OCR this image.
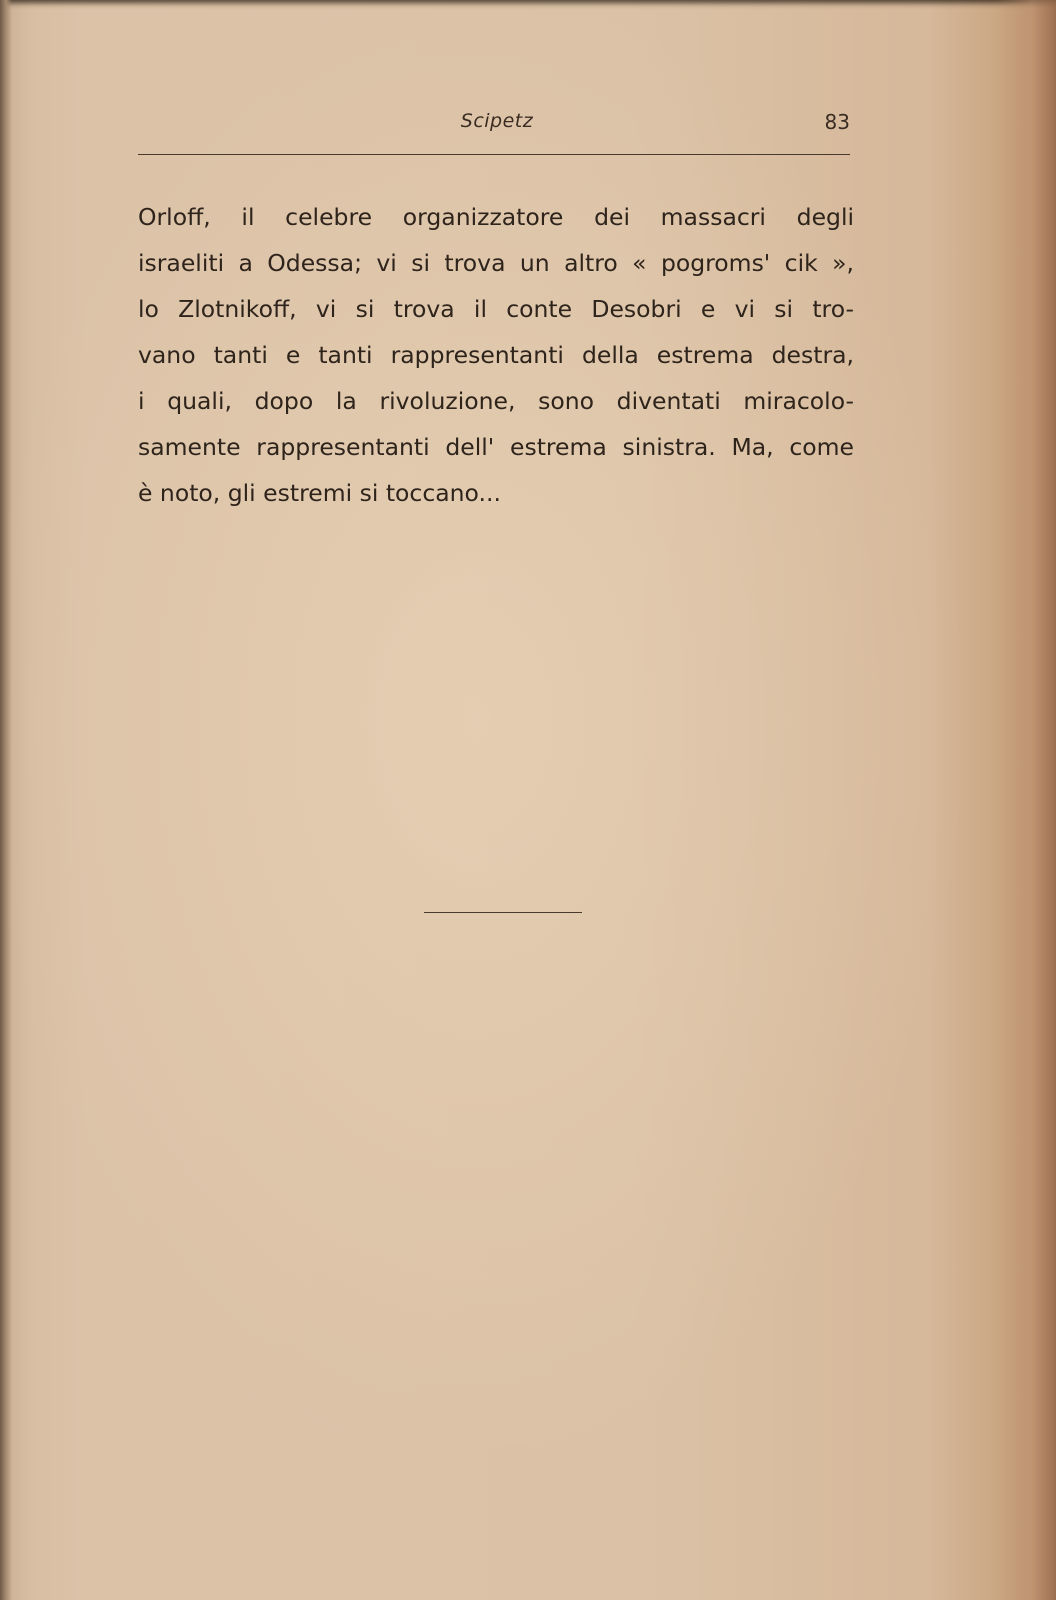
Scipetz	83
Orloff, il celebre organizzatore dei massacri degli
israeliti a Odessa; vi si trova un altro « pogroms' cik »,
lo Zlotnikoff, vi si trova il conte Desobri e vi si tro-
vano tanti e tanti rappresentanti della estrema destra,
i quali, dopo la rivoluzione, sono diventati miracolo-
samente rappresentanti dell' estrema sinistra. Ma, come
è noto, gli estremi si toccano...
